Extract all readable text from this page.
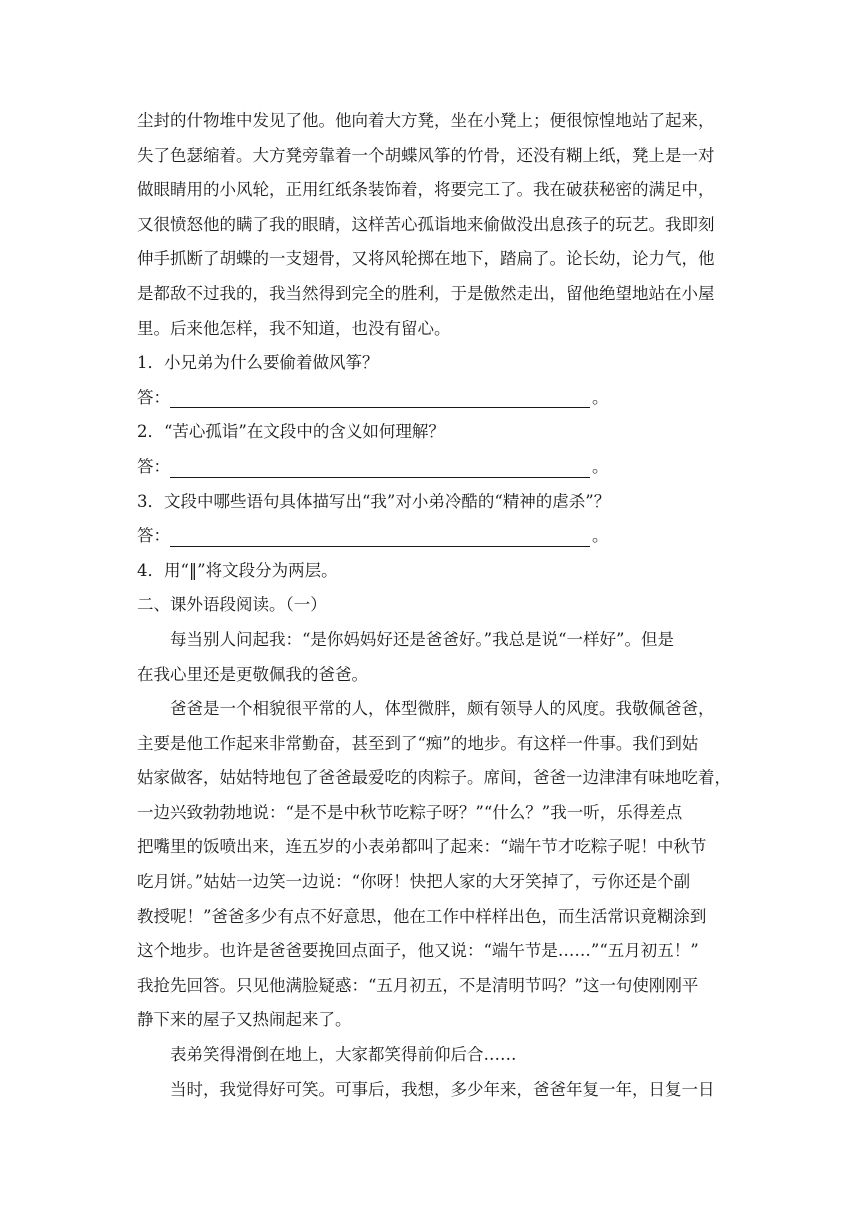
尘封的什物堆中发见了他。他向着大方凳，坐在小凳上；便很惊惶地站了起来，
失了色瑟缩着。大方凳旁靠着一个胡蝶风筝的竹骨，还没有糊上纸，凳上是一对
做眼睛用的小风轮，正用红纸条装饰着，将要完工了。我在破获秘密的满足中，
又很愤怒他的瞒了我的眼睛，这样苦心孤诣地来偷做没出息孩子的玩艺。我即刻
伸手抓断了胡蝶的一支翅骨，又将风轮掷在地下，踏扁了。论长幼，论力气，他
是都敌不过我的，我当然得到完全的胜利，于是傲然走出，留他绝望地站在小屋
里。后来他怎样，我不知道，也没有留心。
1．小兄弟为什么要偷着做风筝？
答：	。
2．“苦心孤诣”在文段中的含义如何理解？
答：	。
3．文段中哪些语句具体描写出“我”对小弟冷酷的“精神的虐杀”？
答：	。
4．用“‖”将文段分为两层。
二、课外语段阅读。（一）
每当别人问起我：“是你妈妈好还是爸爸好。”我总是说“一样好”。但是
在我心里还是更敬佩我的爸爸。
爸爸是一个相貌很平常的人，体型微胖，颇有领导人的风度。我敬佩爸爸，
主要是他工作起来非常勤奋，甚至到了“痴”的地步。有这样一件事。我们到姑
姑家做客，姑姑特地包了爸爸最爱吃的肉粽子。席间，爸爸一边津津有味地吃着，
一边兴致勃勃地说：“是不是中秋节吃粽子呀？”“什么？”我一听，乐得差点
把嘴里的饭喷出来，连五岁的小表弟都叫了起来：“端午节才吃粽子呢！中秋节
吃月饼。”姑姑一边笑一边说：“你呀！快把人家的大牙笑掉了，亏你还是个副
教授呢！”爸爸多少有点不好意思，他在工作中样样出色，而生活常识竟糊涂到
这个地步。也许是爸爸要挽回点面子，他又说：“端午节是……”“五月初五！”
我抢先回答。只见他满脸疑惑：“五月初五，不是清明节吗？”这一句使刚刚平
静下来的屋子又热闹起来了。
表弟笑得滑倒在地上，大家都笑得前仰后合……
当时，我觉得好可笑。可事后，我想，多少年来，爸爸年复一年，日复一日
